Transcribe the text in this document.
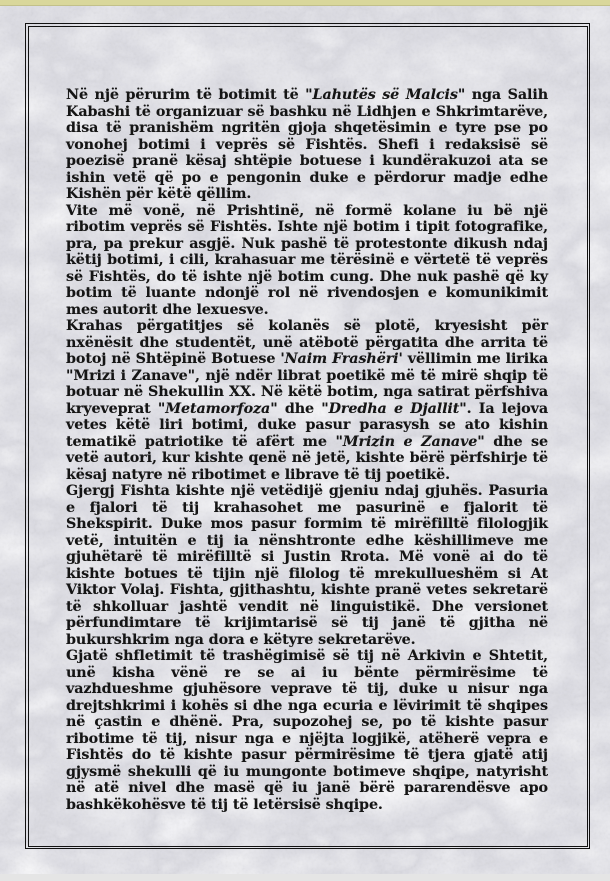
Në një përurim të botimit të "Lahutës së Malcis" nga Salih Kabashi të organizuar së bashku në Lidhjen e Shkrimtarëve, disa të pranishëm ngritën gjoja shqetësimin e tyre pse po vonohej botimi i veprës së Fishtës. Shefi i redaksisë së poezisë pranë kësaj shtëpie botuese i kundërakuzoi ata se ishin vetë që po e pengonin duke e përdorur madje edhe Kishën për këtë qëllim.

Vite më vonë, në Prishtinë, në formë kolane iu bë një ribotim veprës së Fishtës. Ishte një botim i tipit fotografike, pra, pa prekur asgjë. Nuk pashë të protestonte dikush ndaj këtij botimi, i cili, krahasuar me tërësinë e vërtetë të veprës së Fishtës, do të ishte një botim cung. Dhe nuk pashë që ky botim të luante ndonjë rol në rivendosjen e komunikimit mes autorit dhe lexuesve.

Krahas përgatitjes së kolanës së plotë, kryesisht për nxënësit dhe studentët, unë atëbotë përgatita dhe arrita të botoj në Shtëpinë Botuese 'Naim Frashëri' vëllimin me lirika "Mrizi i Zanave", një ndër librat poetikë më të mirë shqip të botuar në Shekullin XX. Në këtë botim, nga satirat përfshiva kryeveprat "Metamorfoza" dhe "Dredha e Djallit". Ia lejova vetes këtë liri botimi, duke pasur parasysh se ato kishin tematikë patriotike të afërt me "Mrizin e Zanave" dhe se vetë autori, kur kishte qenë në jetë, kishte bërë përfshirje të kësaj natyre në ribotimet e librave të tij poetikë.

Gjergj Fishta kishte një vetëdijë gjeniu ndaj gjuhës. Pasuria e fjalori të tij krahasohet me pasurinë e fjalorit të Shekspirit. Duke mos pasur formim të mirëfilltë filologjik vetë, intuitën e tij ia nënshtronte edhe këshillimeve me gjuhëtarë të mirëfilltë si Justin Rrota. Më vonë ai do të kishte botues të tijin një filolog të mrekullueshëm si At Viktor Volaj. Fishta, gjithashtu, kishte pranë vetes sekretarë të shkolluar jashtë vendit në linguistikë. Dhe versionet përfundimtare të krijimtarisë së tij janë të gjitha në bukurshkrim nga dora e këtyre sekretarëve.

Gjatë shfletimit të trashëgimisë së tij në Arkivin e Shtetit, unë kisha vënë re se ai iu bënte përmirësime të vazhdueshme gjuhësore veprave të tij, duke u nisur nga drejtshkrimi i kohës si dhe nga ecuria e lëvirimit të shqipes në çastin e dhënë. Pra, supozohej se, po të kishte pasur ribotime të tij, nisur nga e njëjta logjikë, atëherë vepra e Fishtës do të kishte pasur përmirësime të tjera gjatë atij gjysmë shekulli që iu mungonte botimeve shqipe, natyrisht në atë nivel dhe masë që iu janë bërë pararendësve apo bashkëkohësve të tij të letërsisë shqipe.
